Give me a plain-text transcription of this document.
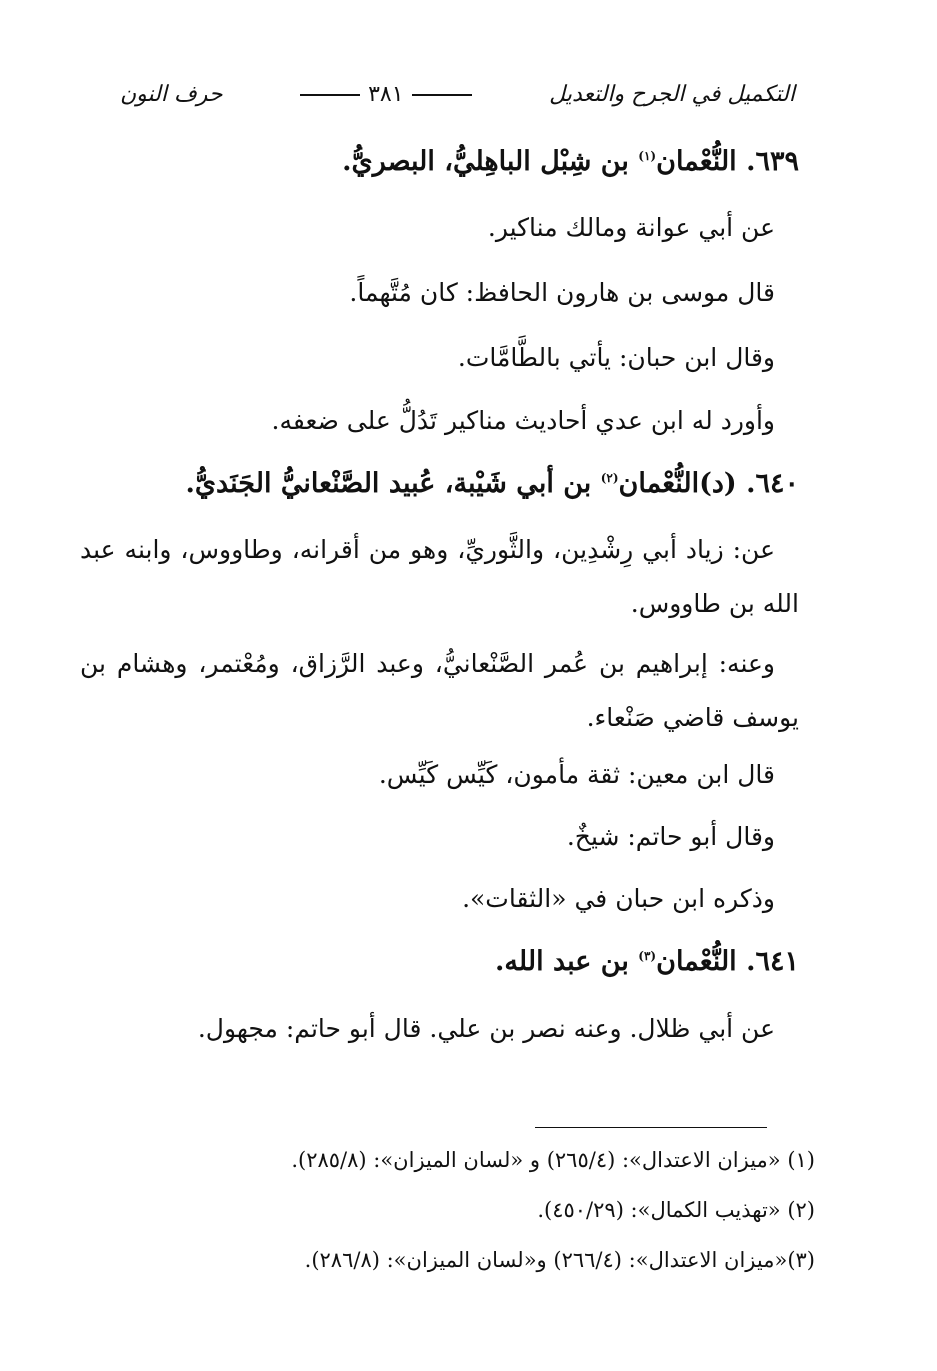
التكميل في الجرح والتعديل
٣٨١
حرف النون
٦٣٩. النُّعْمان$^{(١)}$ بن شِبْل الباهِليُّ، البصريُّ.
عن أبي عوانة ومالك مناكير.
قال موسى بن هارون الحافظ: كان مُتَّهماً.
وقال ابن حبان: يأتي بالطَّامَّات.
وأورد له ابن عدي أحاديث مناكير تَدُلُّ على ضعفه.
٦٤٠. (د)النُّعْمان$^{(٢)}$ بن أبي شَيْبة، عُبيد الصَّنْعانيُّ الجَنَديُّ.
عن: زياد أبي رِشْدِين، والثَّوريِّ، وهو من أقرانه، وطاووس، وابنه عبد الله بن طاووس.
وعنه: إبراهيم بن عُمر الصَّنْعانيُّ، وعبد الرَّزاق، ومُعْتمر، وهشام بن يوسف قاضي صَنْعاء.
قال ابن معين: ثقة مأمون، كَيِّس كَيِّس.
وقال أبو حاتم: شيخٌ.
وذكره ابن حبان في «الثقات».
٦٤١. النُّعْمان$^{(٣)}$ بن عبد الله.
عن أبي ظلال. وعنه نصر بن علي. قال أبو حاتم: مجهول.
(١) «ميزان الاعتدال»: (٢٦٥/٤) و «لسان الميزان»: (٢٨٥/٨).
(٢) «تهذيب الكمال»: (٤٥٠/٢٩).
(٣)«ميزان الاعتدال»: (٢٦٦/٤) و«لسان الميزان»: (٢٨٦/٨).
